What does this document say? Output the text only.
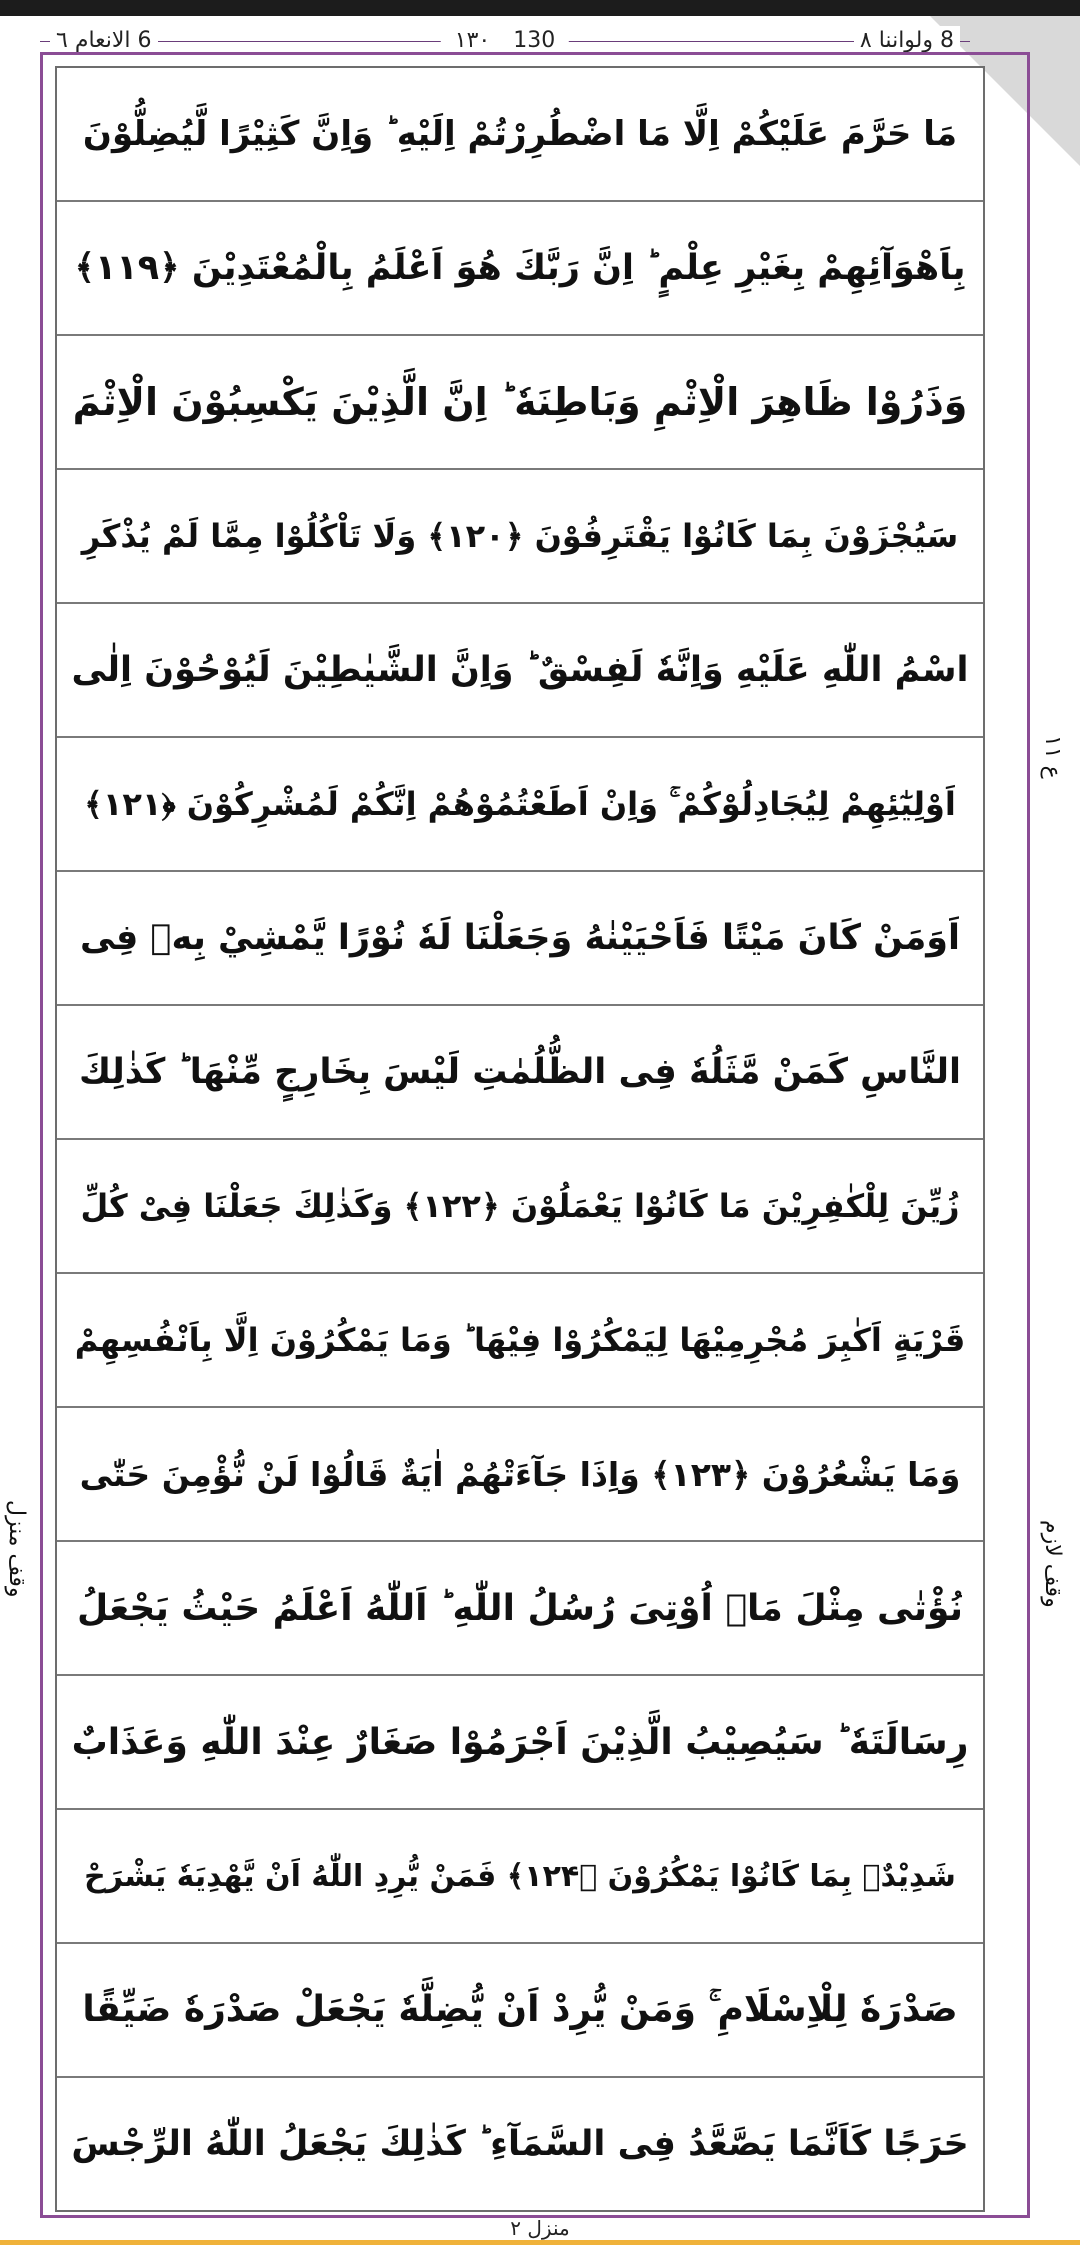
8 ولواننا ٨
١٣٠ 130
6 الانعام ٦
مَا حَرَّمَ عَلَيْكُمْ اِلَّا مَا اضْطُرِرْتُمْ اِلَيْهِ ؕ وَاِنَّ كَثِيْرًا لَّيُضِلُّوْنَ
بِاَهْوَآئِهِمْ بِغَيْرِ عِلْمٍ ؕ اِنَّ رَبَّكَ هُوَ اَعْلَمُ بِالْمُعْتَدِيْنَ ﴿۱۱۹﴾
وَذَرُوْا ظَاهِرَ الْاِثْمِ وَبَاطِنَهٗ ؕ اِنَّ الَّذِيْنَ يَكْسِبُوْنَ الْاِثْمَ
سَيُجْزَوْنَ بِمَا كَانُوْا يَقْتَرِفُوْنَ ﴿۱۲۰﴾ وَلَا تَاْكُلُوْا مِمَّا لَمْ يُذْكَرِ
اسْمُ اللّٰهِ عَلَيْهِ وَاِنَّهٗ لَفِسْقٌ ؕ وَاِنَّ الشَّيٰطِيْنَ لَيُوْحُوْنَ اِلٰى
اَوْلِيٰٓئِهِمْ لِيُجَادِلُوْكُمْ ۚ وَاِنْ اَطَعْتُمُوْهُمْ اِنَّكُمْ لَمُشْرِكُوْنَ ﴿۱۲۱﴾
اَوَمَنْ كَانَ مَيْتًا فَاَحْيَيْنٰهُ وَجَعَلْنَا لَهٗ نُوْرًا يَّمْشِيْ بِهٖ فِى
النَّاسِ كَمَنْ مَّثَلُهٗ فِى الظُّلُمٰتِ لَيْسَ بِخَارِجٍ مِّنْهَا ؕ كَذٰلِكَ
زُيِّنَ لِلْكٰفِرِيْنَ مَا كَانُوْا يَعْمَلُوْنَ ﴿۱۲۲﴾ وَكَذٰلِكَ جَعَلْنَا فِىْ كُلِّ
قَرْيَةٍ اَكٰبِرَ مُجْرِمِيْهَا لِيَمْكُرُوْا فِيْهَا ؕ وَمَا يَمْكُرُوْنَ اِلَّا بِاَنْفُسِهِمْ
وَمَا يَشْعُرُوْنَ ﴿۱۲۳﴾ وَاِذَا جَآءَتْهُمْ اٰيَةٌ قَالُوْا لَنْ نُّؤْمِنَ حَتّٰى
نُؤْتٰى مِثْلَ مَاۤ اُوْتِىَ رُسُلُ اللّٰهِ ؕ اَللّٰهُ اَعْلَمُ حَيْثُ يَجْعَلُ
رِسَالَتَهٗ ؕ سَيُصِيْبُ الَّذِيْنَ اَجْرَمُوْا صَغَارٌ عِنْدَ اللّٰهِ وَعَذَابٌ
شَدِيْدٌۢ بِمَا كَانُوْا يَمْكُرُوْنَ ﴿۱۲۴﴾ فَمَنْ يُّرِدِ اللّٰهُ اَنْ يَّهْدِيَهٗ يَشْرَحْ
صَدْرَهٗ لِلْاِسْلَامِ ۚ وَمَنْ يُّرِدْ اَنْ يُّضِلَّهٗ يَجْعَلْ صَدْرَهٗ ضَيِّقًا
حَرَجًا كَاَنَّمَا يَصَّعَّدُ فِى السَّمَآءِ ؕ كَذٰلِكَ يَجْعَلُ اللّٰهُ الرِّجْسَ
وقف منزل
ع ١١
وقف لازم
منزل ٢
